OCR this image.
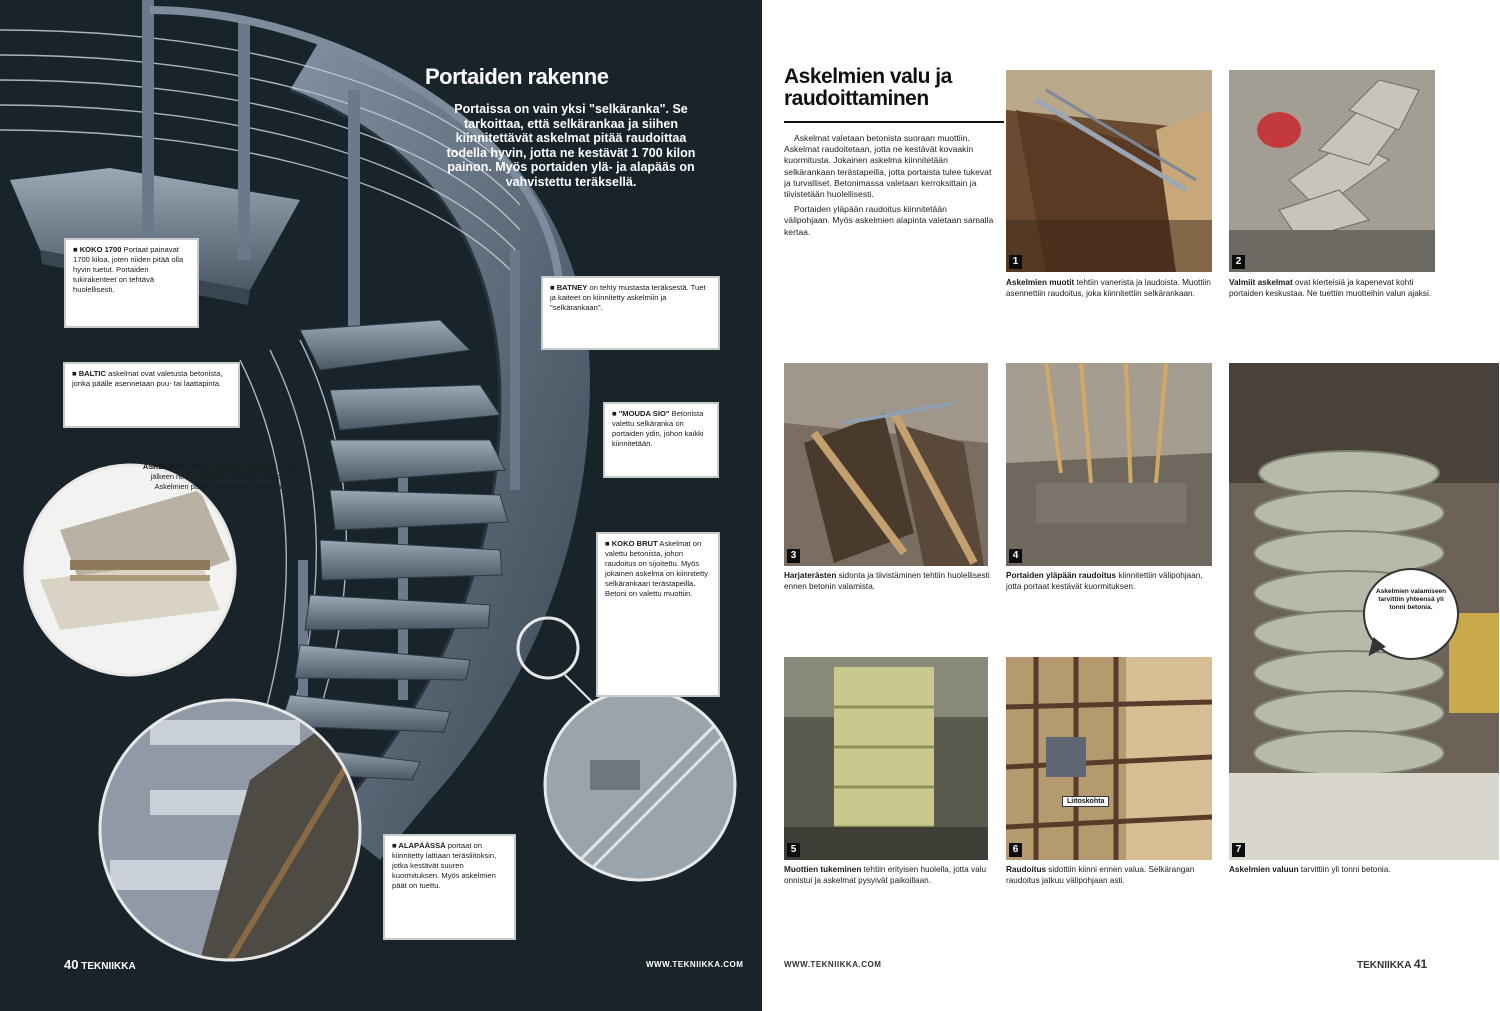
Portaiden rakenne
Portaissa on vain yksi "selkäranka". Se tarkoittaa, että selkärankaa ja siihen kiinnitettävät askelmat pitää raudoittaa todella hyvin, jotta ne kestävät 1 700 kilon painon. Myös portaiden ylä- ja alapääs on vahvistettu teräksellä.
■ KOKO 1700 Portaat painavat 1700 kiloa, joten niiden pitää olla hyvin tuetut. Portaiden tukirakenteet on tehtävä huolellisesti.
■ BALTIC askelmat ovat valetusta betonista, jonka päälle asennetaan puu- tai laattapinta.
■ BATNEY on tehty mustasta teräksestä. Tuet ja kaiteet on kiinnitetty askelmiin ja "selkärankaan".
■ "MOUDA SIO" Betonista valettu selkäranka on portaiden ydin, johon kaikki kiinnitetään.
■ KOKO BRUT Askelmat on valettu betonista, johon raudoitus on sijoitettu. Myös jokainen askelma on kiinnitetty selkärankaan terästapeilla. Betoni on valettu muottiin.
■ ALAPÄÄSSÄ portaat on kiinnitetty lattiaan teräsliitoksin, jotka kestävät suuren kuormituksen. Myös askelmien päät on tuettu.
ASKELMAT valetaan betonista muottiin, jonka jälkeen ne kiinnitetään portaiden runkoon. Askelmien päälle asennetaan puupinta.
40 TEKNIIKKA	WWW.TEKNIIKKA.COM
Askelmien valu ja
raudoittaminen

Askelmat valetaan betonista suoraan muottiin. Askelmat raudoitetaan, jotta ne kestävät kovaakin kuormitusta. Jokainen askelma kiinnitetään selkärankaan terästapeilla, jotta portaista tulee tukevat ja turvalliset. Betonimassa valetaan kerroksittain ja tiivistetään huolellisesti.

Portaiden yläpään raudoitus kiinnitetään välipohjaan. Myös askelmien alapinta valetaan samalla kertaa.

1	2
3	4
5	6
Liitoskohta
7
Askelmien valamiseen tarvittiin yhteensä yli tonni betonia.
Askelmien muotit tehtiin vanerista ja laudoista. Muottiin asennettiin raudoitus, joka kiinnitettiin selkärankaan.
Valmiit askelmat ovat kierteisiä ja kapenevat kohti portaiden keskustaa. Ne tuettiin muotteihin valun ajaksi.
Harjaterästen sidonta ja tiivistäminen tehtiin huolellisesti ennen betonin valamista.
Portaiden yläpään raudoitus kiinnitettiin välipohjaan, jotta portaat kestävät kuormituksen.
Muottien tukeminen tehtiin erityisen huolella, jotta valu onnistui ja askelmat pysyivät paikoillaan.
Raudoitus sidottiin kiinni ennen valua. Selkärangan raudoitus jatkuu välipohjaan asti.
Askelmien valuun tarvittiin yli tonni betonia.
WWW.TEKNIIKKA.COM	TEKNIIKKA 41
